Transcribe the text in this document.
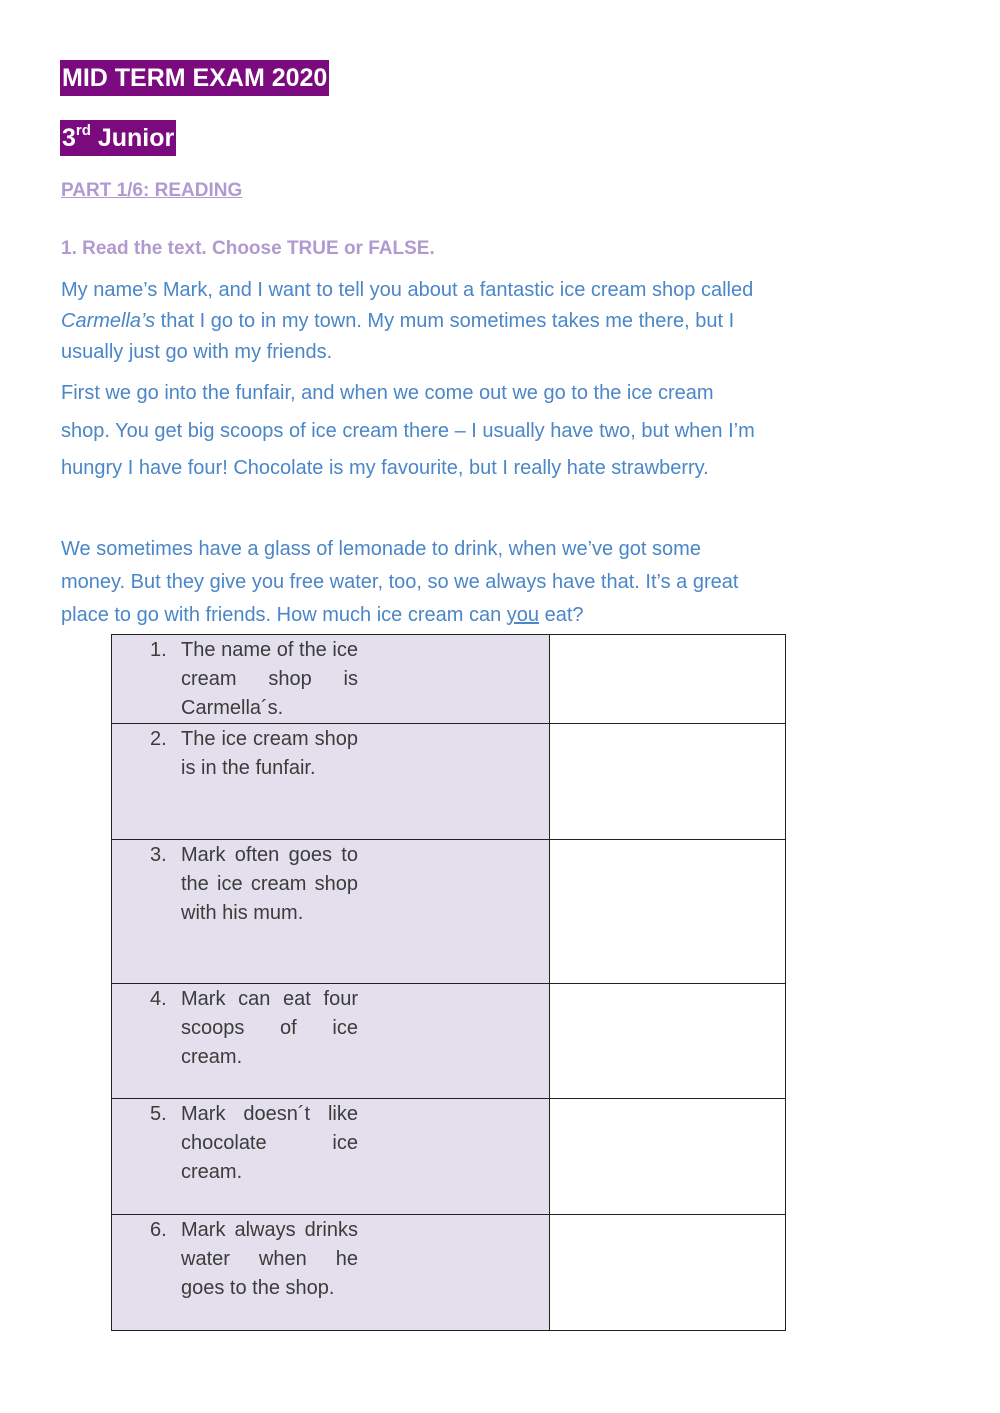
MID TERM EXAM 2020
3rd Junior
PART 1/6: READING
1. Read the text. Choose TRUE or FALSE.

My name’s Mark, and I want to tell you about a fantastic ice cream shop called Carmella’s that I go to in my town. My mum sometimes takes me there, but I usually just go with my friends.

First we go into the funfair, and when we come out we go to the ice cream shop. You get big scoops of ice cream there – I usually have two, but when I’m hungry I have four! Chocolate is my favourite, but I really hate strawberry.

We sometimes have a glass of lemonade to drink, when we’ve got some money. But they give you free water, too, so we always have that. It’s a great place to go with friends. How much ice cream can you eat?

1. The name of the ice cream shop is Carmella´s.	

2. The ice cream shop is in the funfair.	

3. Mark often goes to the ice cream shop with his mum.	

4. Mark can eat four scoops of ice cream.	

5. Mark doesn´t like chocolate ice cream.	

6. Mark always drinks water when he goes to the shop.	
